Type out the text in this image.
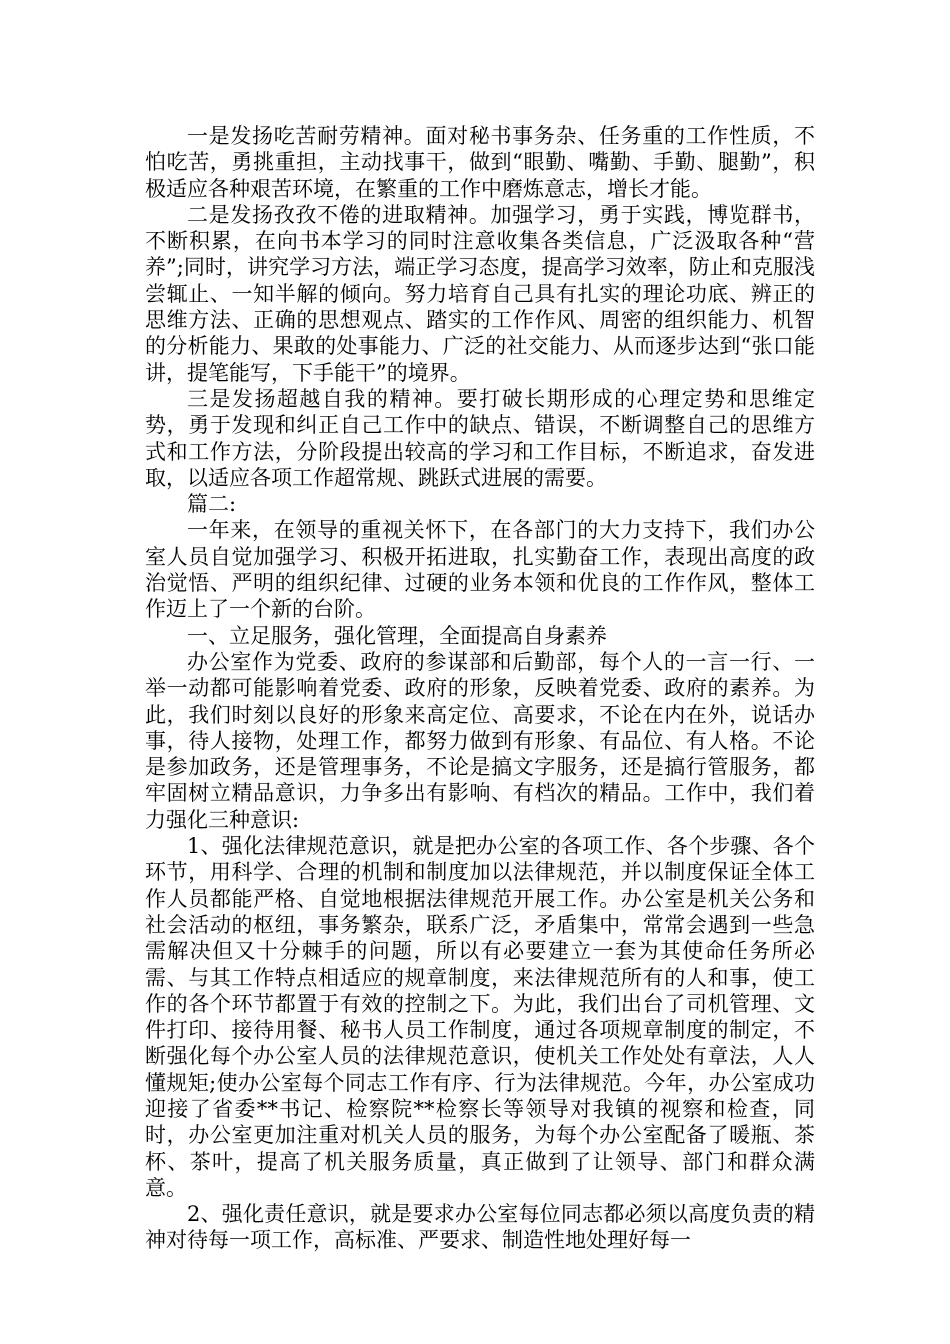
一是发扬吃苦耐劳精神。面对秘书事务杂、任务重的工作性质，不怕吃苦，勇挑重担，主动找事干，做到“眼勤、嘴勤、手勤、腿勤”，积极适应各种艰苦环境，在繁重的工作中磨炼意志，增长才能。

二是发扬孜孜不倦的进取精神。加强学习，勇于实践，博览群书，不断积累，在向书本学习的同时注意收集各类信息，广泛汲取各种“营养”;同时，讲究学习方法，端正学习态度，提高学习效率，防止和克服浅尝辄止、一知半解的倾向。努力培育自己具有扎实的理论功底、辨正的思维方法、正确的思想观点、踏实的工作作风、周密的组织能力、机智的分析能力、果敢的处事能力、广泛的社交能力、从而逐步达到“张口能讲，提笔能写，下手能干”的境界。

三是发扬超越自我的精神。要打破长期形成的心理定势和思维定势，勇于发现和纠正自己工作中的缺点、错误，不断调整自己的思维方式和工作方法，分阶段提出较高的学习和工作目标，不断追求，奋发进取，以适应各项工作超常规、跳跃式进展的需要。

篇二:

一年来，在领导的重视关怀下，在各部门的大力支持下，我们办公室人员自觉加强学习、积极开拓进取，扎实勤奋工作，表现出高度的政治觉悟、严明的组织纪律、过硬的业务本领和优良的工作作风，整体工作迈上了一个新的台阶。

一、立足服务，强化管理，全面提高自身素养

办公室作为党委、政府的参谋部和后勤部，每个人的一言一行、一举一动都可能影响着党委、政府的形象，反映着党委、政府的素养。为此，我们时刻以良好的形象来高定位、高要求，不论在内在外，说话办事，待人接物，处理工作，都努力做到有形象、有品位、有人格。不论是参加政务，还是管理事务，不论是搞文字服务，还是搞行管服务，都牢固树立精品意识，力争多出有影响、有档次的精品。工作中，我们着力强化三种意识:

1、强化法律规范意识，就是把办公室的各项工作、各个步骤、各个环节，用科学、合理的机制和制度加以法律规范，并以制度保证全体工作人员都能严格、自觉地根据法律规范开展工作。办公室是机关公务和社会活动的枢纽，事务繁杂，联系广泛，矛盾集中，常常会遇到一些急需解决但又十分棘手的问题，所以有必要建立一套为其使命任务所必需、与其工作特点相适应的规章制度，来法律规范所有的人和事，使工作的各个环节都置于有效的控制之下。为此，我们出台了司机管理、文件打印、接待用餐、秘书人员工作制度，通过各项规章制度的制定，不断强化每个办公室人员的法律规范意识，使机关工作处处有章法，人人懂规矩;使办公室每个同志工作有序、行为法律规范。今年，办公室成功迎接了省委**书记、检察院**检察长等领导对我镇的视察和检查，同时，办公室更加注重对机关人员的服务，为每个办公室配备了暖瓶、茶杯、茶叶，提高了机关服务质量，真正做到了让领导、部门和群众满意。

2、强化责任意识，就是要求办公室每位同志都必须以高度负责的精神对待每一项工作，高标准、严要求、制造性地处理好每一
